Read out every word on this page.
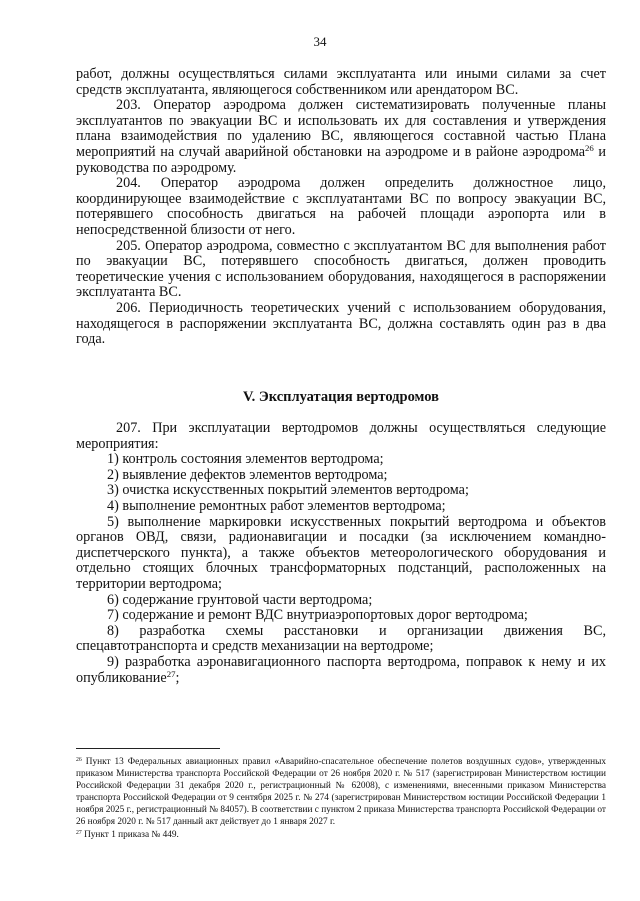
34

работ, должны осуществляться силами эксплуатанта или иными силами за счет средств эксплуатанта, являющегося собственником или арендатором ВС.

203. Оператор аэродрома должен систематизировать полученные планы эксплуатантов по эвакуации ВС и использовать их для составления и утверждения плана взаимодействия по удалению ВС, являющегося составной частью Плана мероприятий на случай аварийной обстановки на аэродроме и в районе аэродрома$^{26}$ и руководства по аэродрому.

204. Оператор аэродрома должен определить должностное лицо, координирующее взаимодействие с эксплуатантами ВС по вопросу эвакуации ВС, потерявшего способность двигаться на рабочей площади аэропорта или в непосредственной близости от него.

205. Оператор аэродрома, совместно с эксплуатантом ВС для выполнения работ по эвакуации ВС, потерявшего способность двигаться, должен проводить теоретические учения с использованием оборудования, находящегося в распоряжении эксплуатанта ВС.

206. Периодичность теоретических учений с использованием оборудования, находящегося в распоряжении эксплуатанта ВС, должна составлять один раз в два года.

V. Эксплуатация вертодромов

207. При эксплуатации вертодромов должны осуществляться следующие мероприятия:

1) контроль состояния элементов вертодрома;

2) выявление дефектов элементов вертодрома;

3) очистка искусственных покрытий элементов вертодрома;

4) выполнение ремонтных работ элементов вертодрома;

5) выполнение маркировки искусственных покрытий вертодрома и объектов органов ОВД, связи, радионавигации и посадки (за исключением командно-диспетчерского пункта), а также объектов метеорологического оборудования и отдельно стоящих блочных трансформаторных подстанций, расположенных на территории вертодрома;

6) содержание грунтовой части вертодрома;

7) содержание и ремонт ВДС внутриаэропортовых дорог вертодрома;

8) разработка схемы расстановки и организации движения ВС, спецавтотранспорта и средств механизации на вертодроме;

9) разработка аэронавигационного паспорта вертодрома, поправок к нему и их опубликование$^{27}$;

$^{26}$ Пункт 13 Федеральных авиационных правил «Аварийно-спасательное обеспечение полетов воздушных судов», утвержденных приказом Министерства транспорта Российской Федерации от 26 ноября 2020 г. № 517 (зарегистрирован Министерством юстиции Российской Федерации 31 декабря 2020 г., регистрационный № 62008), с изменениями, внесенными приказом Министерства транспорта Российской Федерации от 9 сентября 2025 г. № 274 (зарегистрирован Министерством юстиции Российской Федерации 1 ноября 2025 г., регистрационный № 84057). В соответствии с пунктом 2 приказа Министерства транспорта Российской Федерации от 26 ноября 2020 г. № 517 данный акт действует до 1 января 2027 г.

$^{27}$ Пункт 1 приказа № 449.
